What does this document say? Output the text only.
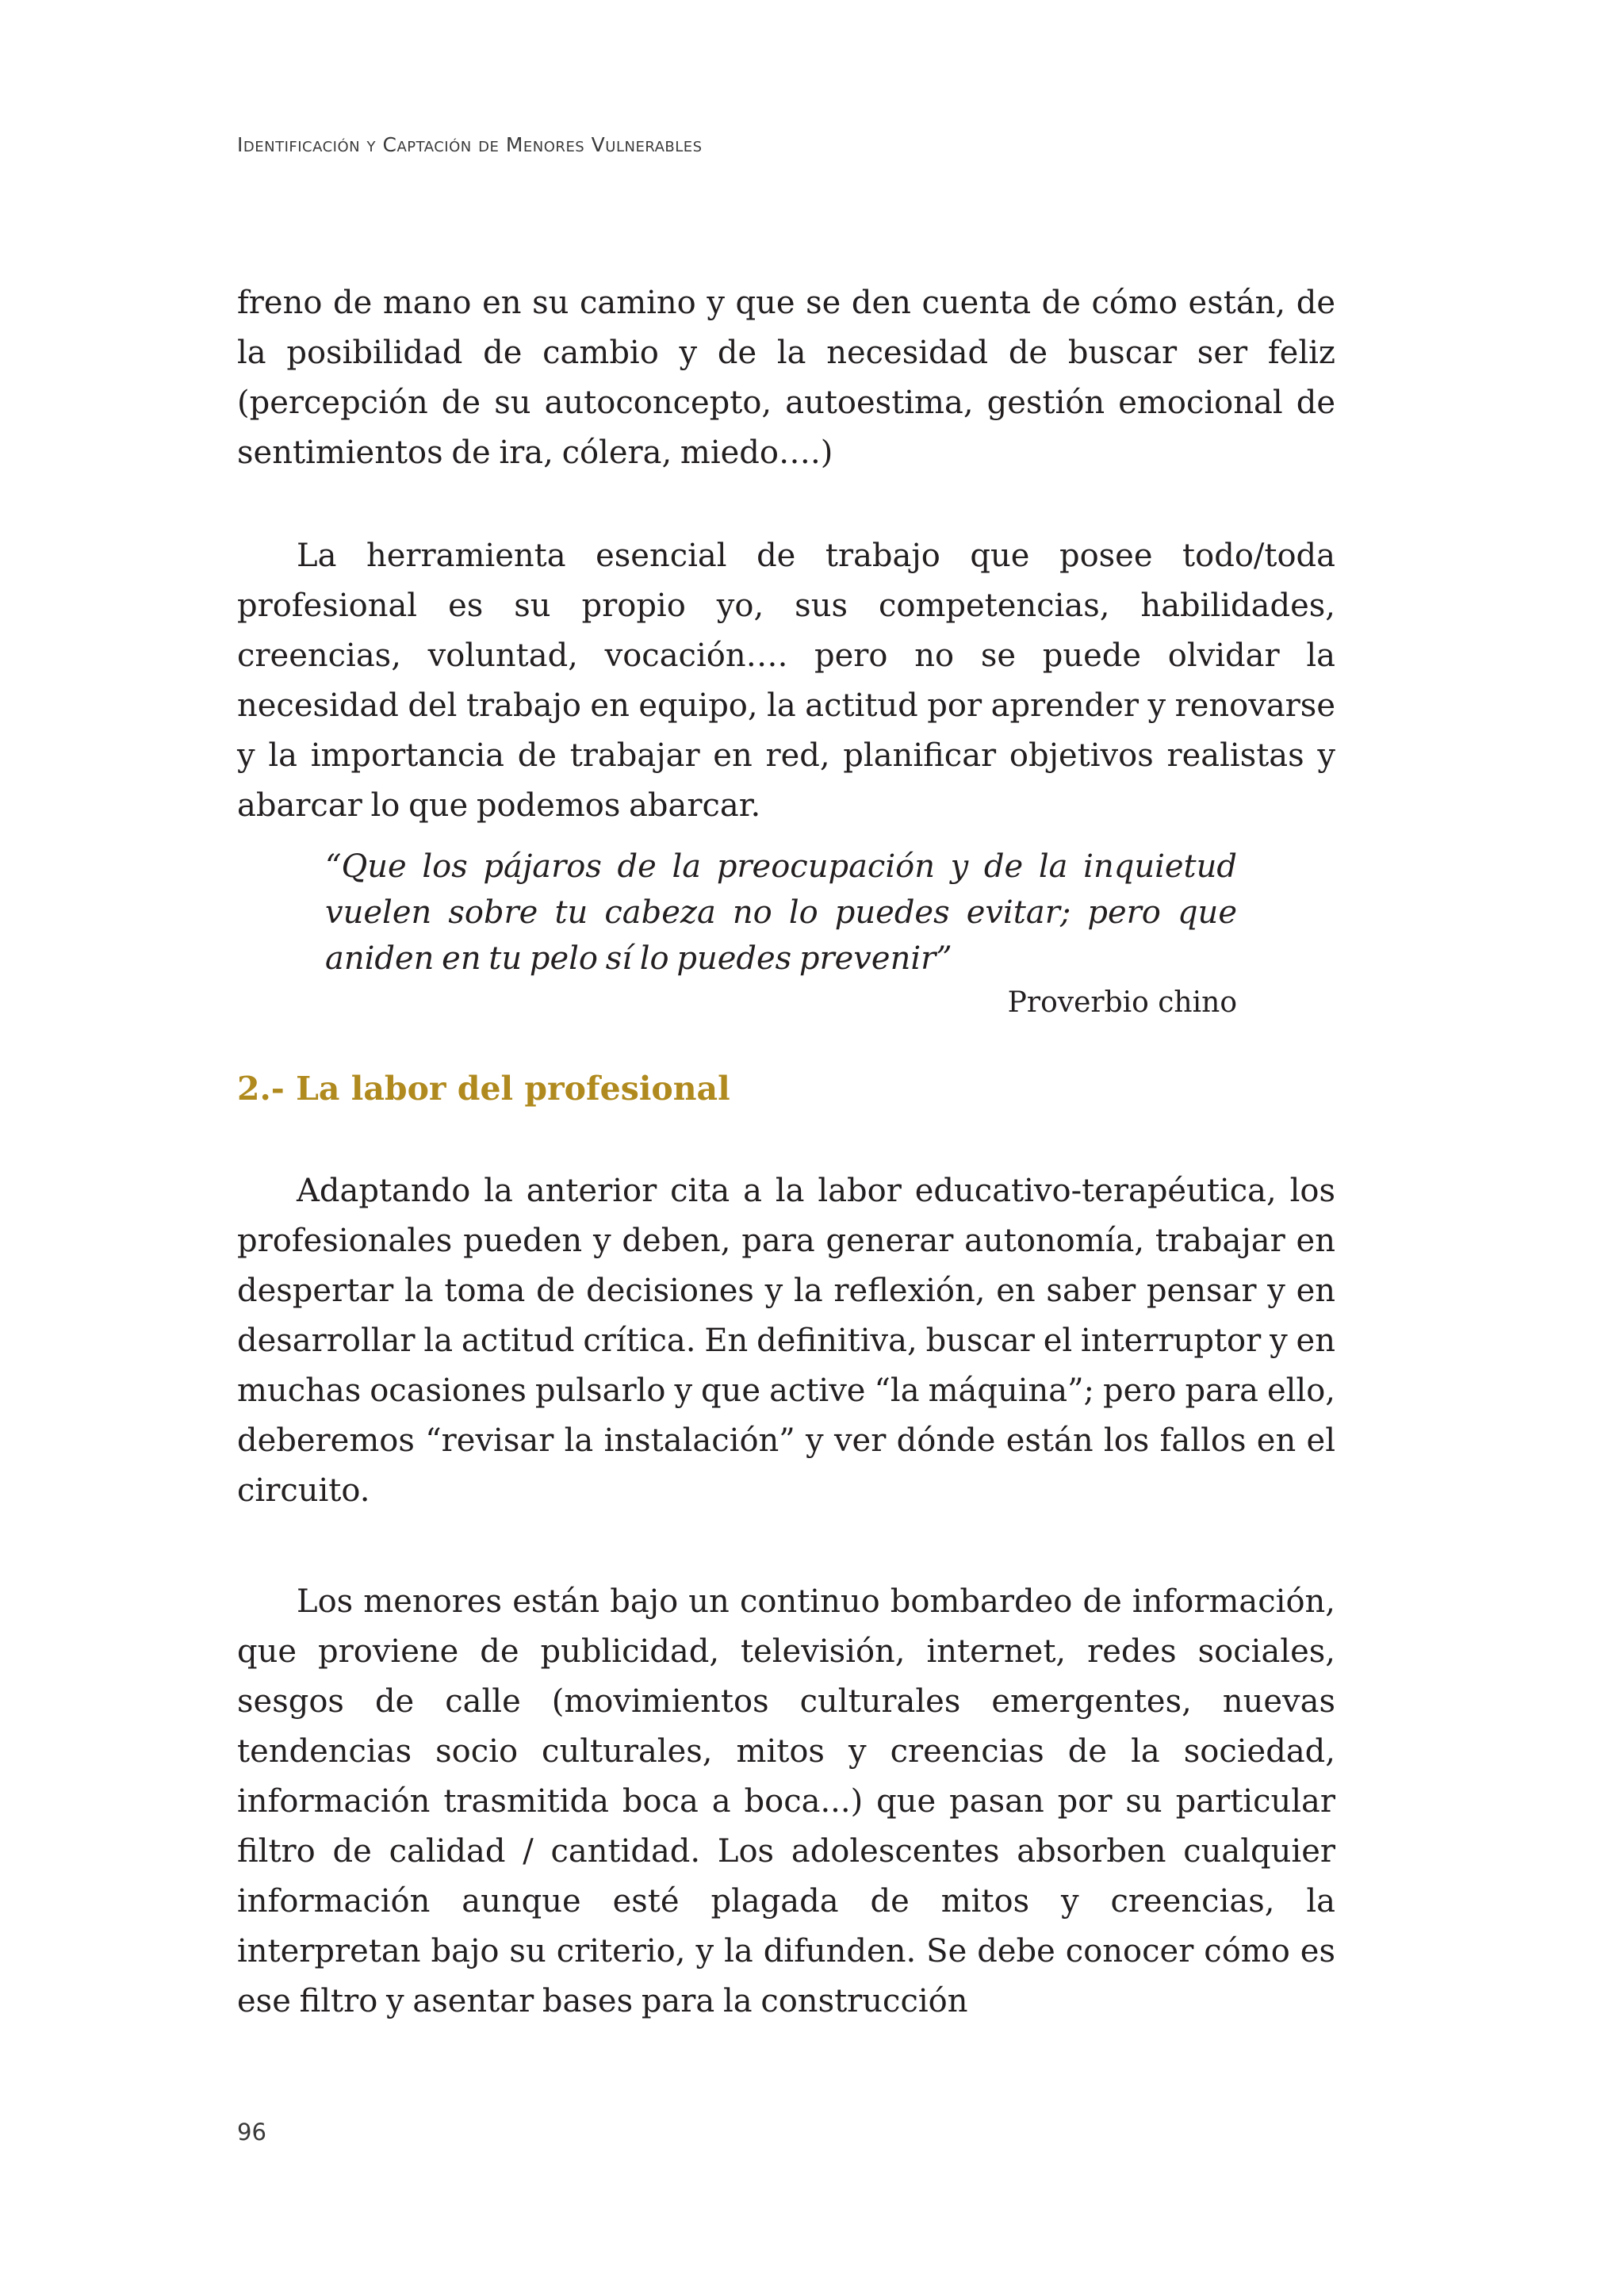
Identificación y Captación de Menores Vulnerables

freno de mano en su camino y que se den cuenta de cómo están, de la posibilidad de cambio y de la necesidad de buscar ser feliz (percepción de su autoconcepto, autoestima, gestión emocional de sentimientos de ira, cólera, miedo….)

La herramienta esencial de trabajo que posee todo/toda profesional es su propio yo, sus competencias, habilidades, creencias, voluntad, vocación…. pero no se puede olvidar la necesidad del trabajo en equipo, la actitud por aprender y renovarse y la importancia de trabajar en red, planificar objetivos realistas y abarcar lo que podemos abarcar.

“Que los pájaros de la preocupación y de la inquietud vuelen sobre tu cabeza no lo puedes evitar; pero que aniden en tu pelo sí lo puedes prevenir”

Proverbio chino
2.- La labor del profesional

Adaptando la anterior cita a la labor educativo-terapéutica, los profesionales pueden y deben, para generar autonomía, trabajar en despertar la toma de decisiones y la reflexión, en saber pensar y en desarrollar la actitud crítica. En definitiva, buscar el interruptor y en muchas ocasiones pulsarlo y que active “la máquina”; pero para ello, deberemos “revisar la instalación” y ver dónde están los fallos en el circuito.

Los menores están bajo un continuo bombardeo de información, que proviene de publicidad, televisión, internet, redes sociales, sesgos de calle (movimientos culturales emergentes, nuevas tendencias socio culturales, mitos y creencias de la sociedad, información trasmitida boca a boca...) que pasan por su particular filtro de calidad / cantidad. Los adolescentes absorben cualquier información aunque esté plagada de mitos y creencias, la interpretan bajo su criterio, y la difunden. Se debe conocer cómo es ese filtro y asentar bases para la construcción

96
